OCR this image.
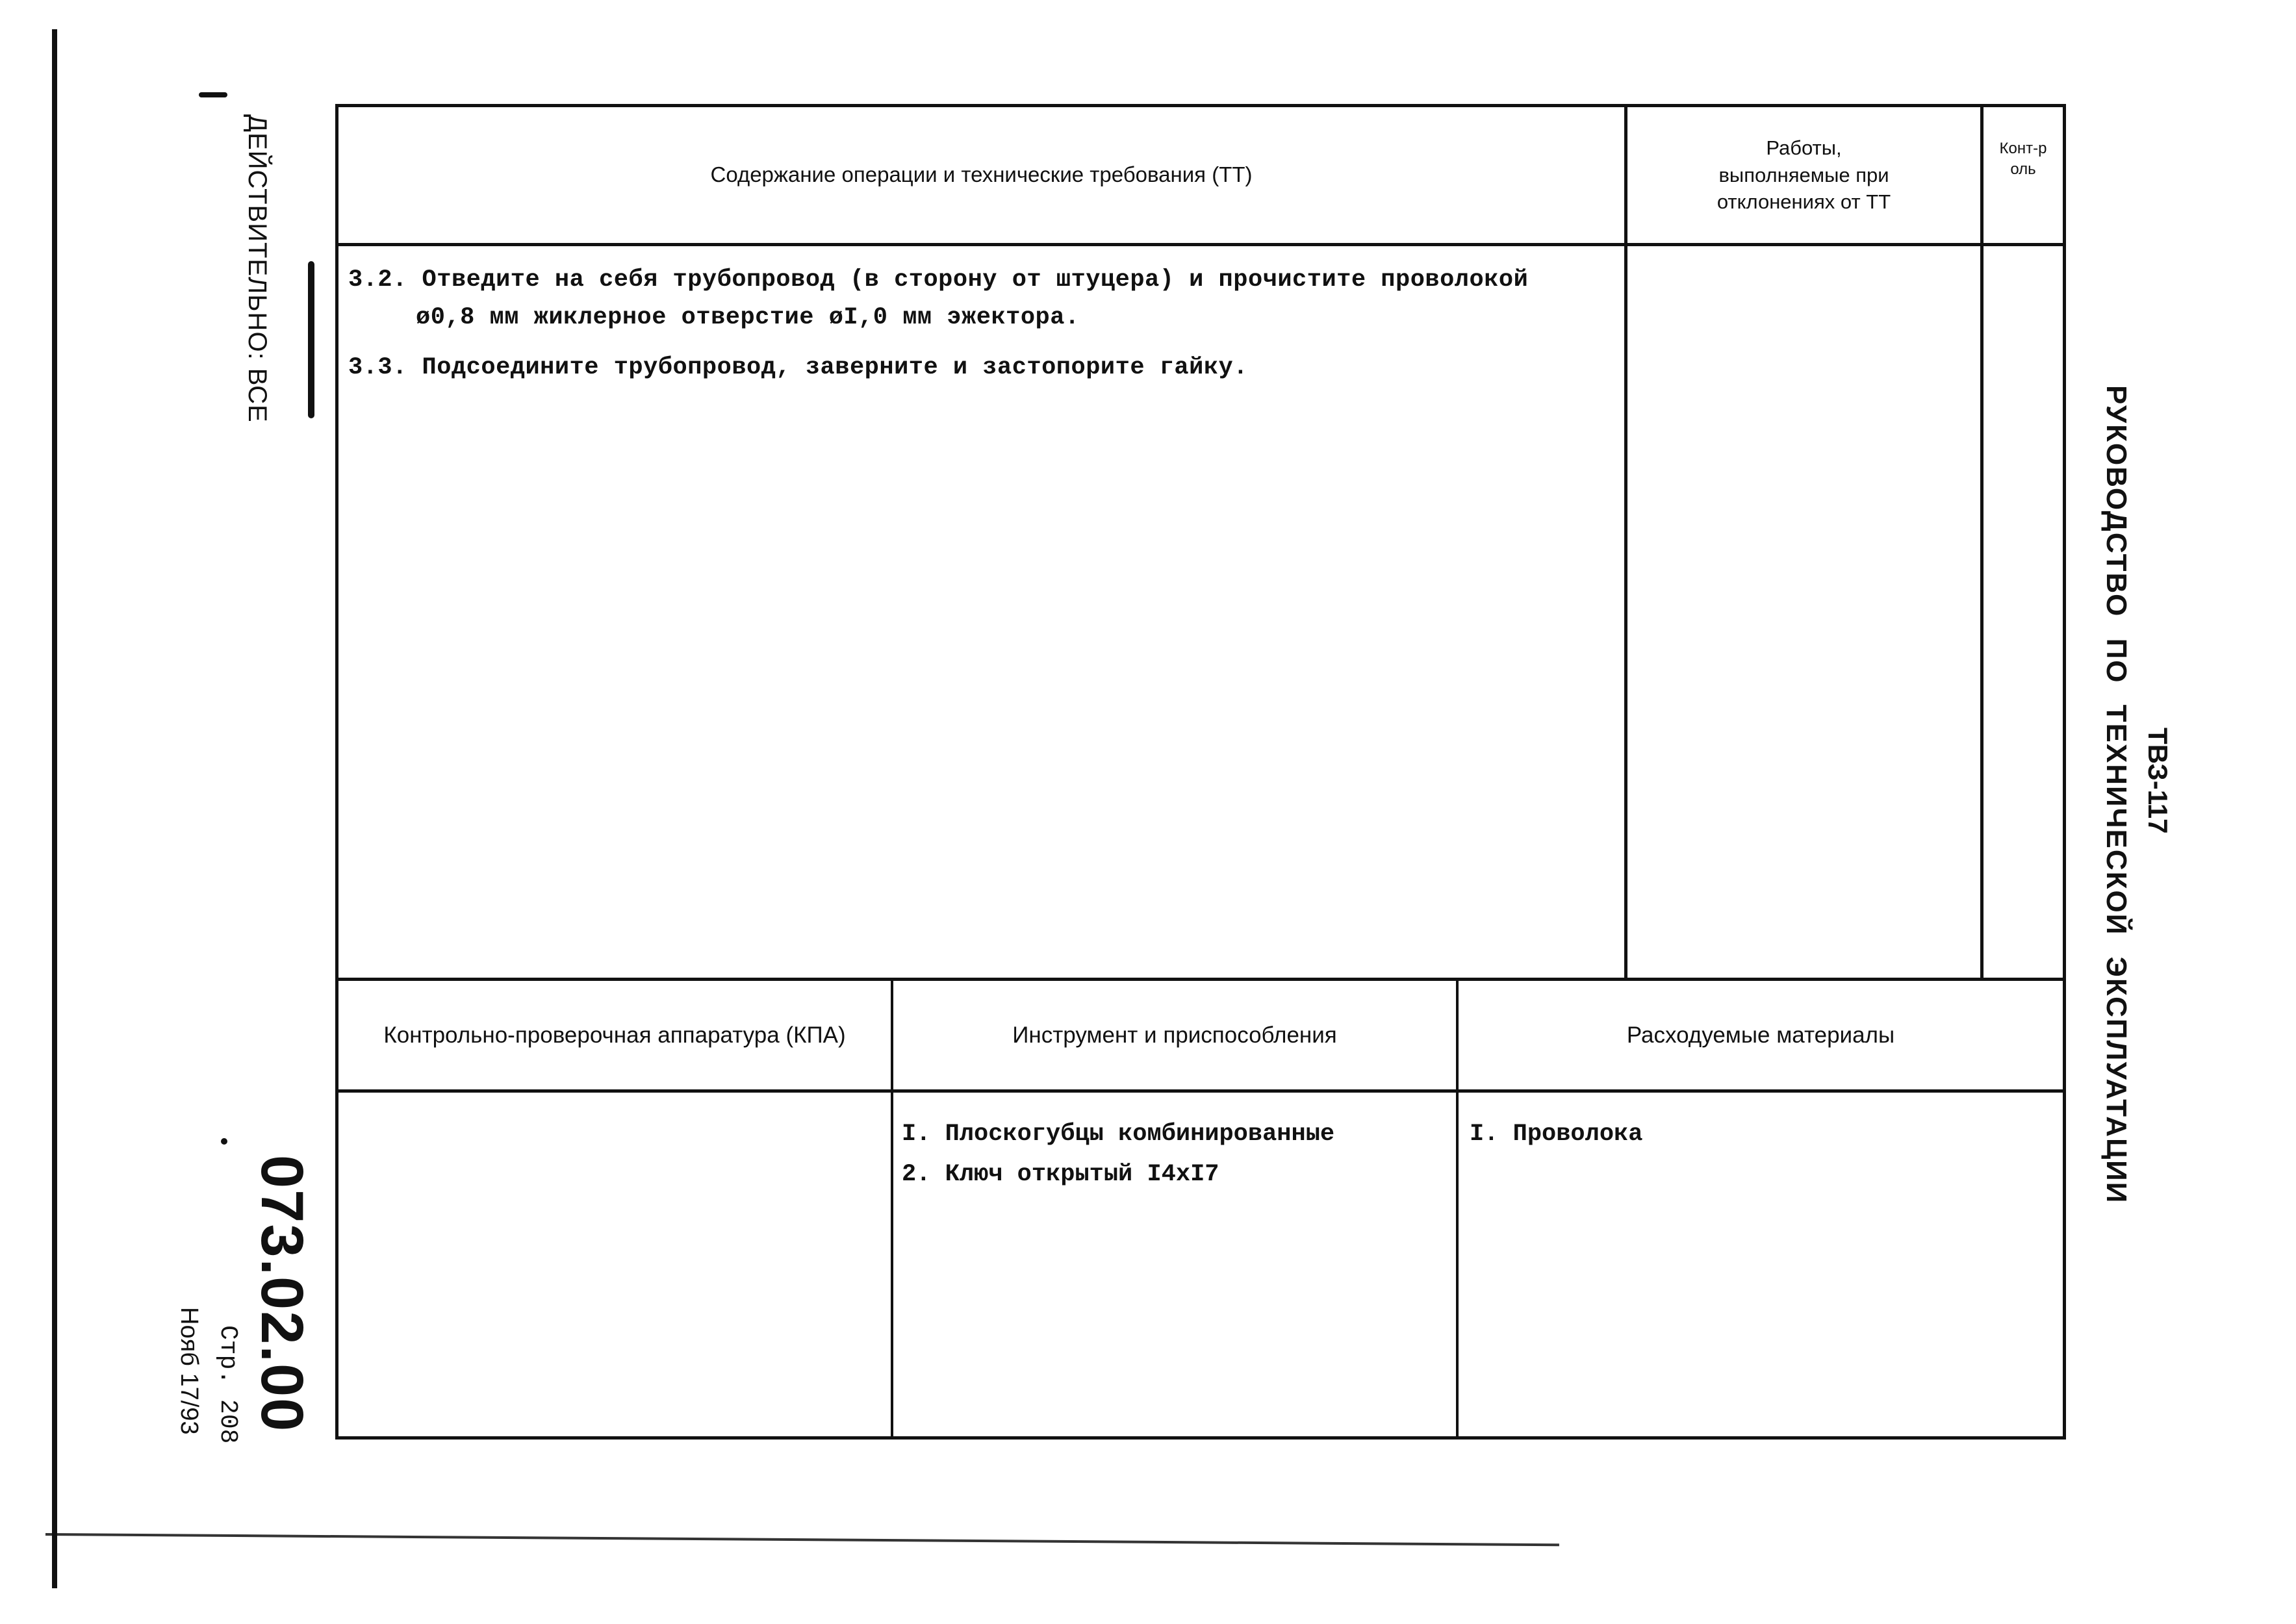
ДЕЙСТВИТЕЛЬНО: ВСЕ
073.02.00
Стр. 208
Нояб 17/93
ТВЗ-117
РУКОВОДСТВО ПО ТЕХНИЧЕСКОЙ ЭКСПЛУАТАЦИИ
Содержание операции и технические требования (ТТ)
Работы, выполняемые при отклонениях от ТТ
Конт-роль
3.2. Отведите на себя трубопровод (в сторону от штуцера) и прочистите проволокой
ø0,8 мм жиклерное отверстие øI,0 мм эжектора.
3.3. Подсоедините трубопровод, заверните и застопорите гайку.
Контрольно-проверочная аппаратура (КПА)	Инструмент и приспособления	Расходуемые материалы
I. Плоскогубцы комбинированные
2. Ключ открытый I4xI7
I. Проволока
